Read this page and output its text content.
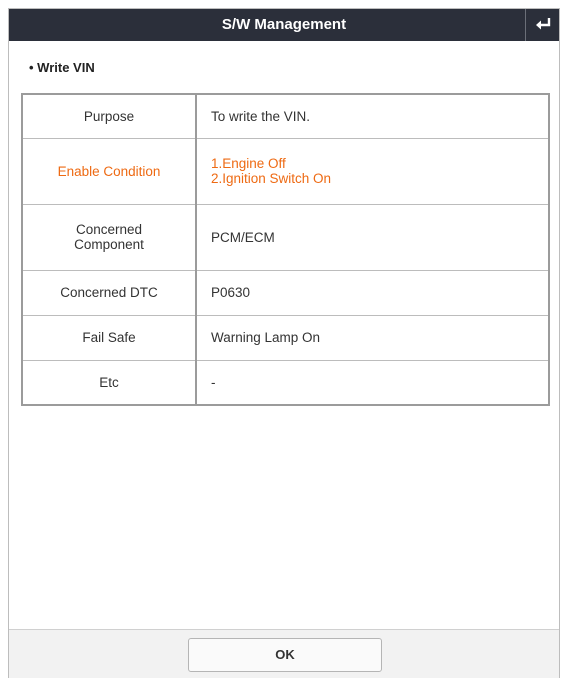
S/W Management
• Write VIN
Purpose	To write the VIN.

Enable Condition	1.Engine Off
2.Ignition Switch On

Concerned
Component	PCM/ECM

Concerned DTC	P0630

Fail Safe	Warning Lamp On

Etc	-
OK
